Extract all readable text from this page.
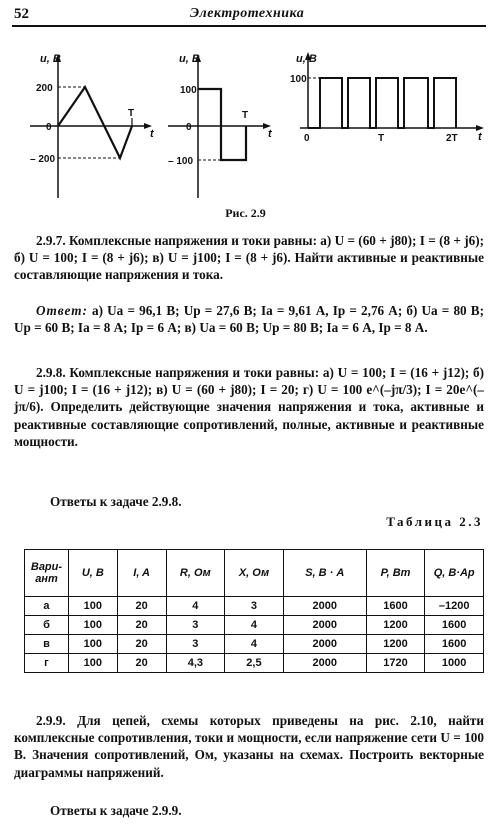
52	Электротехника
u, В
t
200
0
– 200
T
u, В
t
100
0
– 100
T
u, В
t
100
0	T	2T
Рис. 2.9

2.9.7. Комплексные напряжения и токи равны: а) U = (60 + j80); I = (8 + j6); б) U = 100; I = (8 + j6); в) U = j100; I = (8 + j6). Найти активные и реактивные составляющие напряжения и тока.

Ответ: а) Uа = 96,1 В; Uр = 27,6 В; Iа = 9,61 А, Iр = 2,76 А; б) Uа = 80 В; Uр = 60 В; Iа = 8 А; Iр = 6 А; в) Uа = 60 В; Uр = 80 В; Iа = 6 А, Iр = 8 А.

2.9.8. Комплексные напряжения и токи равны: а) U = 100; I = (16 + j12); б) U = j100; I = (16 + j12); в) U = (60 + j80); I = 20; г) U = 100 e^(–jπ/3); I = 20e^(–jπ/6). Определить действующие значения напряжения и тока, активные и реактивные составляющие сопротивлений, полные, активные и реактивные мощности.

Ответы к задаче 2.9.8.
Таблица 2.3
Вари-ант	U, В	I, A	R, Ом	X, Ом	S, В · А	P, Вт	Q, В·Ар
а	100	20	4	3	2000	1600	–1200
б	100	20	3	4	2000	1200	1600
в	100	20	3	4	2000	1200	1600
г	100	20	4,3	2,5	2000	1720	1000

2.9.9. Для цепей, схемы которых приведены на рис. 2.10, найти комплексные сопротивления, токи и мощности, если напряжение сети U = 100 В. Значения сопротивлений, Ом, указаны на схемах. Построить векторные диаграммы напряжений.

Ответы к задаче 2.9.9.
